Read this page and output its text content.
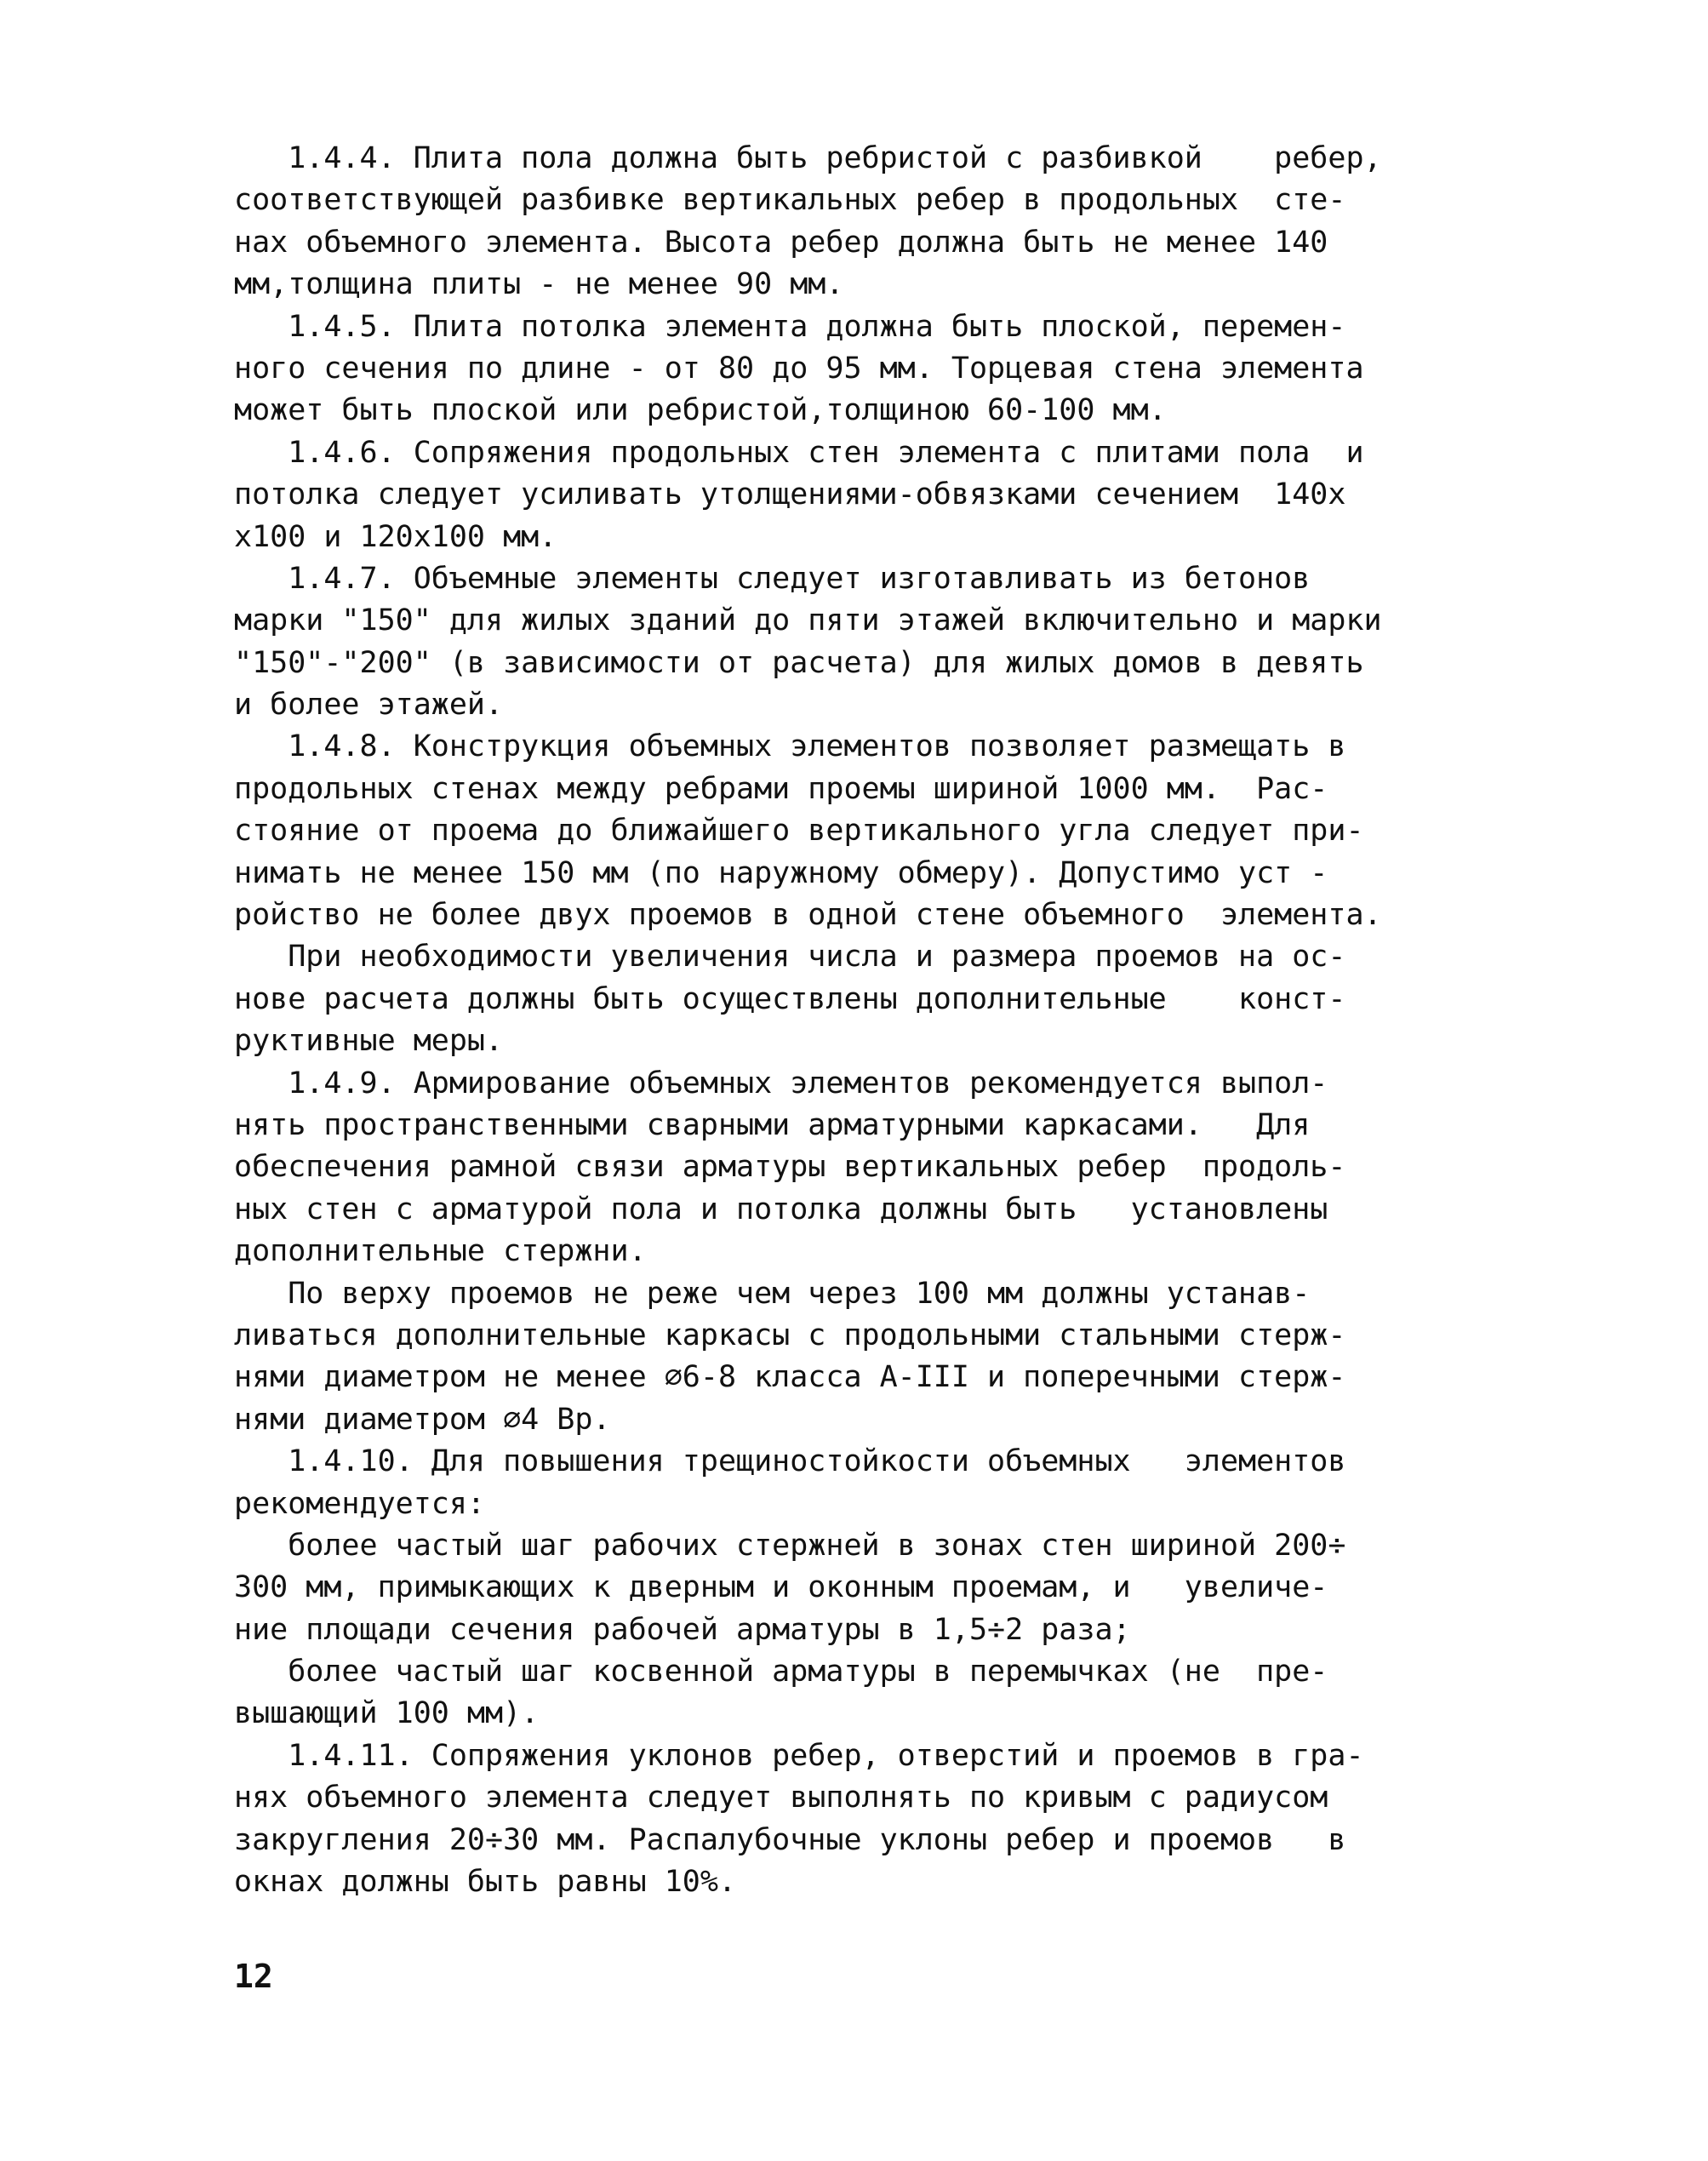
1.4.4. Плита пола должна быть ребристой с разбивкой    ребер,
соответствующей разбивке вертикальных ребер в продольных  сте-
нах объемного элемента. Высота ребер должна быть не менее 140
мм,толщина плиты - не менее 90 мм.
1.4.5. Плита потолка элемента должна быть плоской, перемен-
ного сечения по длине - от 80 до 95 мм. Торцевая стена элемента
может быть плоской или ребристой,толщиною 60-100 мм.
1.4.6. Сопряжения продольных стен элемента с плитами пола  и
потолка следует усиливать утолщениями-обвязками сечением  140х
х100 и 120х100 мм.
1.4.7. Объемные элементы следует изготавливать из бетонов
марки "150" для жилых зданий до пяти этажей включительно и марки
"150"-"200" (в зависимости от расчета) для жилых домов в девять
и более этажей.
1.4.8. Конструкция объемных элементов позволяет размещать в
продольных стенах между ребрами проемы шириной 1000 мм.  Рас-
стояние от проема до ближайшего вертикального угла следует при-
нимать не менее 150 мм (по наружному обмеру). Допустимо уст -
ройство не более двух проемов в одной стене объемного  элемента.
При необходимости увеличения числа и размера проемов на ос-
нове расчета должны быть осуществлены дополнительные    конст-
руктивные меры.
1.4.9. Армирование объемных элементов рекомендуется выпол-
нять пространственными сварными арматурными каркасами.   Для
обеспечения рамной связи арматуры вертикальных ребер  продоль-
ных стен с арматурой пола и потолка должны быть   установлены
дополнительные стержни.
По верху проемов не реже чем через 100 мм должны устанав-
ливаться дополнительные каркасы с продольными стальными стерж-
нями диаметром не менее ⌀6-8 класса А-III и поперечными стерж-
нями диаметром ⌀4 Вр.
1.4.10. Для повышения трещиностойкости объемных   элементов
рекомендуется:
более частый шаг рабочих стержней в зонах стен шириной 200÷
300 мм, примыкающих к дверным и оконным проемам, и   увеличе-
ние площади сечения рабочей арматуры в 1,5÷2 раза;
более частый шаг косвенной арматуры в перемычках (не  пре-
вышающий 100 мм).
1.4.11. Сопряжения уклонов ребер, отверстий и проемов в гра-
нях объемного элемента следует выполнять по кривым с радиусом
закругления 20÷30 мм. Распалубочные уклоны ребер и проемов   в
окнах должны быть равны 10%.
12
